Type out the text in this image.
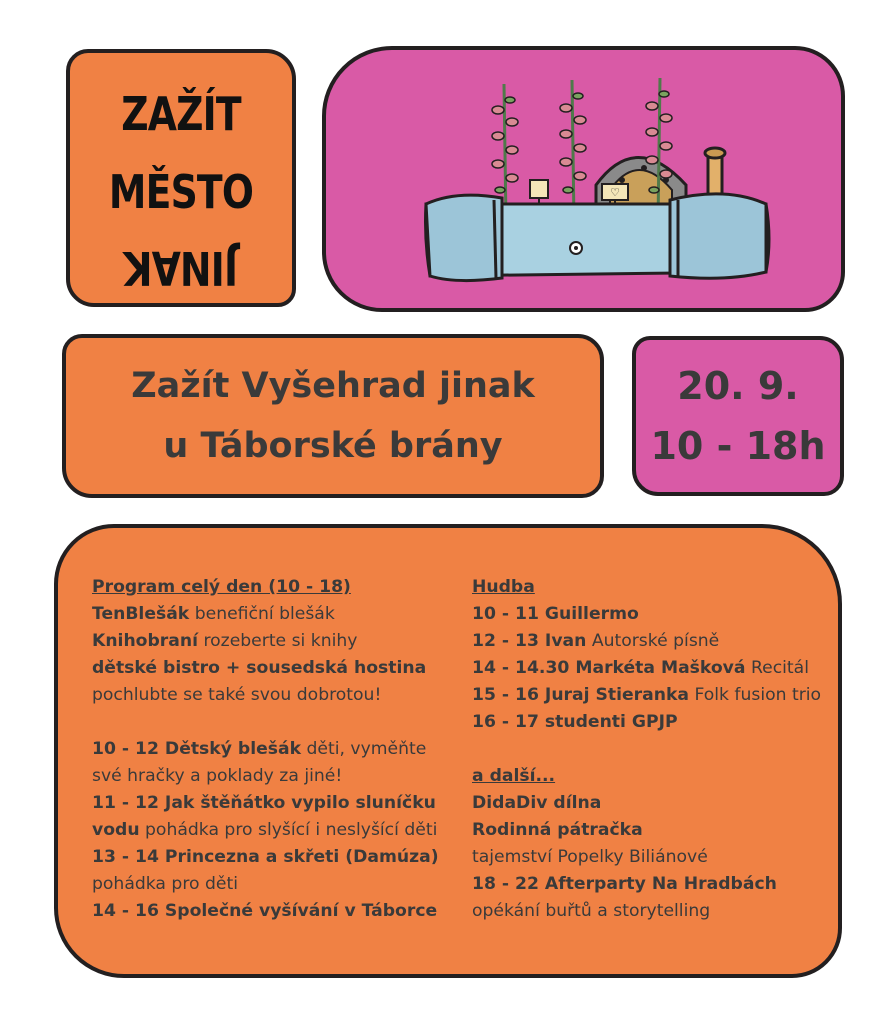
ZAŽÍT
MĚSTO
JINAK
♡
Zažít Vyšehrad jinak
u Táborské brány
20. 9.
10 - 18h
Program celý den (10 - 18)
TenBlešák benefiční blešák
Knihobraní rozeberte si knihy
dětské bistro + sousedská hostina
pochlubte se také svou dobrotou!
10 - 12 Dětský blešák děti, vyměňte
své hračky a poklady za jiné!
11 - 12 Jak štěňátko vypilo sluníčku
vodu pohádka pro slyšící i neslyšící děti
13 - 14 Princezna a skřeti (Damúza)
pohádka pro děti
14 - 16 Společné vyšívání v Táborce
Hudba
10 - 11 Guillermo
12 - 13 Ivan Autorské písně
14 - 14.30 Markéta Mašková Recitál
15 - 16 Juraj Stieranka Folk fusion trio
16 - 17 studenti GPJP
a další...
DidaDiv dílna
Rodinná pátračka
tajemství Popelky Biliánové
18 - 22 Afterparty Na Hradbách
opékání buřtů a storytelling
